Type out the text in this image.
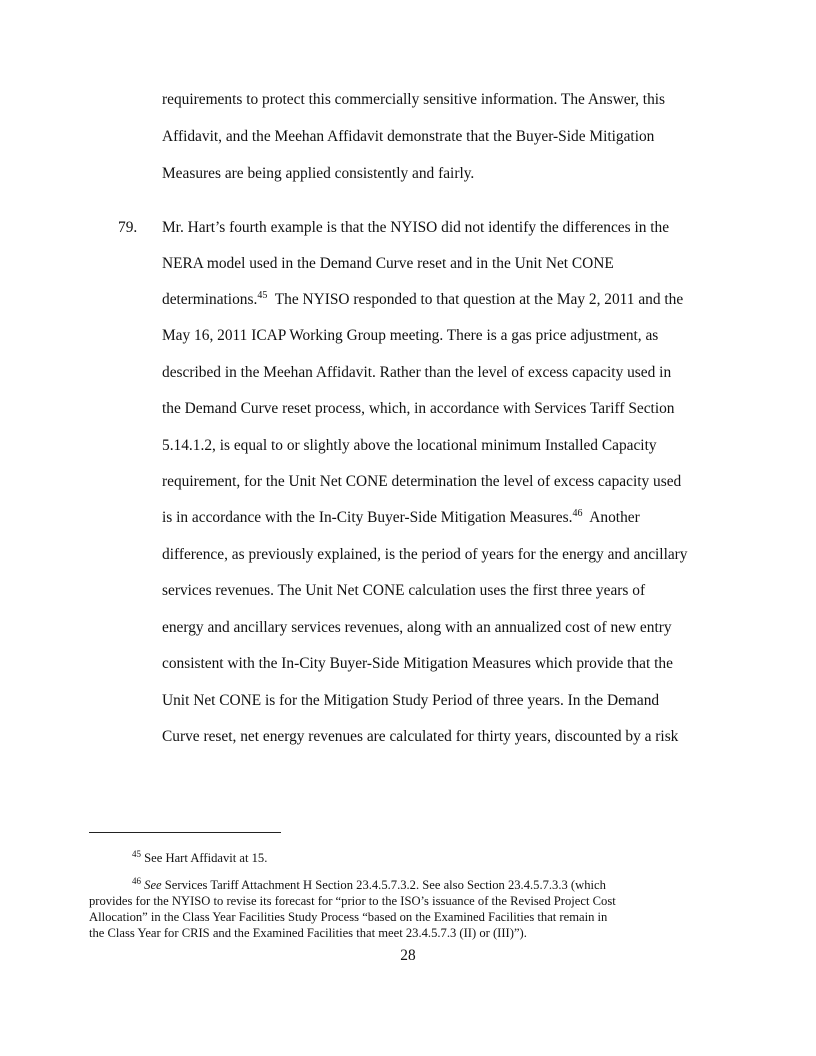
requirements to protect this commercially sensitive information. The Answer, this
Affidavit, and the Meehan Affidavit demonstrate that the Buyer-Side Mitigation
Measures are being applied consistently and fairly.
79. Mr. Hart’s fourth example is that the NYISO did not identify the differences in the
NERA model used in the Demand Curve reset and in the Unit Net CONE
determinations.$^{45}$  The NYISO responded to that question at the May 2, 2011 and the
May 16, 2011 ICAP Working Group meeting. There is a gas price adjustment, as
described in the Meehan Affidavit. Rather than the level of excess capacity used in
the Demand Curve reset process, which, in accordance with Services Tariff Section
5.14.1.2, is equal to or slightly above the locational minimum Installed Capacity
requirement, for the Unit Net CONE determination the level of excess capacity used
is in accordance with the In-City Buyer-Side Mitigation Measures.$^{46}$  Another
difference, as previously explained, is the period of years for the energy and ancillary
services revenues. The Unit Net CONE calculation uses the first three years of
energy and ancillary services revenues, along with an annualized cost of new entry
consistent with the In-City Buyer-Side Mitigation Measures which provide that the
Unit Net CONE is for the Mitigation Study Period of three years. In the Demand
Curve reset, net energy revenues are calculated for thirty years, discounted by a risk
$^{45}$ See Hart Affidavit at 15.
$^{46}$ See Services Tariff Attachment H Section 23.4.5.7.3.2. See also Section 23.4.5.7.3.3 (which
provides for the NYISO to revise its forecast for “prior to the ISO’s issuance of the Revised Project Cost
Allocation” in the Class Year Facilities Study Process “based on the Examined Facilities that remain in
the Class Year for CRIS and the Examined Facilities that meet 23.4.5.7.3 (II) or (III)”).
28
